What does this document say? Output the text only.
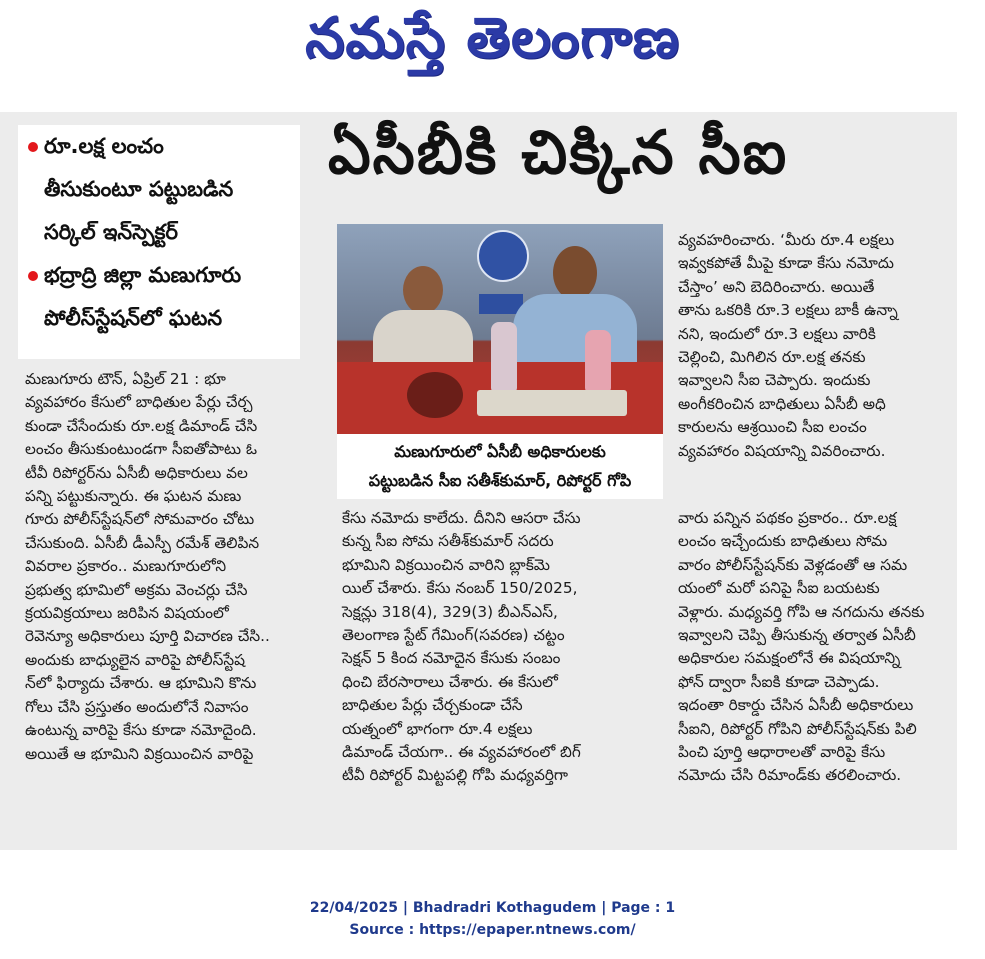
నమస్తే తెలంగాణ
రూ.లక్ష లంచం
తీసుకుంటూ పట్టుబడిన
సర్కిల్ ఇన్‌స్పెక్టర్
భద్రాద్రి జిల్లా మణుగూరు
పోలీస్‌స్టేషన్‌లో ఘటన
ఏసీబీకి చిక్కిన సీఐ
మణుగూరులో ఏసీబీ అధికారులకు
పట్టుబడిన సీఐ సతీశ్‌కుమార్, రిపోర్టర్ గోపి

మణుగూరు టౌన్, ఏప్రిల్ 21 : భూ

వ్యవహారం కేసులో బాధితుల పేర్లు చేర్చ

కుండా చేసేందుకు రూ.లక్ష డిమాండ్ చేసి

లంచం తీసుకుంటుండగా సీఐతోపాటు ఓ

టీవీ రిపోర్టర్‌ను ఏసీబీ అధికారులు వల

పన్ని పట్టుకున్నారు. ఈ ఘటన మణు

గూరు పోలీస్‌స్టేషన్‌లో సోమవారం చోటు

చేసుకుంది. ఏసీబీ డీఎస్పీ రమేశ్ తెలిపిన

వివరాల ప్రకారం.. మణుగూరులోని

ప్రభుత్వ భూమిలో అక్రమ వెంచర్లు చేసి

క్రయవిక్రయాలు జరిపిన విషయంలో

రెవెన్యూ అధికారులు పూర్తి విచారణ చేసి..

అందుకు బాధ్యులైన వారిపై పోలీస్‌స్టేష

న్‌లో ఫిర్యాదు చేశారు. ఆ భూమిని కొను

గోలు చేసి ప్రస్తుతం అందులోనే నివాసం

ఉంటున్న వారిపై కేసు కూడా నమోదైంది.

అయితే ఆ భూమిని విక్రయించిన వారిపై

కేసు నమోదు కాలేదు. దీనిని ఆసరా చేసు

కున్న సీఐ సోమ సతీశ్‌కుమార్ సదరు

భూమిని విక్రయించిన వారిని బ్లాక్‌మె

యిల్ చేశారు. కేసు నంబర్ 150/2025,

సెక్షన్లు 318(4), 329(3) బీఎన్ఎస్,

తెలంగాణ స్టేట్ గేమింగ్(సవరణ) చట్టం

సెక్షన్ 5 కింద నమోదైన కేసుకు సంబం

ధించి బేరసారాలు చేశారు. ఈ కేసులో

బాధితుల పేర్లు చేర్చకుండా చేసే

యత్నంలో భాగంగా రూ.4 లక్షలు

డిమాండ్ చేయగా.. ఈ వ్యవహారంలో బిగ్

టీవీ రిపోర్టర్ మిట్టపల్లి గోపి మధ్యవర్తిగా

వ్యవహరించారు. ‘మీరు రూ.4 లక్షలు

ఇవ్వకపోతే మీపై కూడా కేసు నమోదు

చేస్తాం’ అని బెదిరించారు. అయితే

తాను ఒకరికి రూ.3 లక్షలు బాకీ ఉన్నా

నని, ఇందులో రూ.3 లక్షలు వారికి

చెల్లించి, మిగిలిన రూ.లక్ష తనకు

ఇవ్వాలని సీఐ చెప్పారు. ఇందుకు

అంగీకరించిన బాధితులు ఏసీబీ అధి

కారులను ఆశ్రయించి సీఐ లంచం

వ్యవహారం విషయాన్ని వివరించారు.

వారు పన్నిన పథకం ప్రకారం.. రూ.లక్ష

లంచం ఇచ్చేందుకు బాధితులు సోమ

వారం పోలీస్‌స్టేషన్‌కు వెళ్లడంతో ఆ సమ

యంలో మరో పనిపై సీఐ బయటకు

వెళ్లారు. మధ్యవర్తి గోపి ఆ నగదును తనకు

ఇవ్వాలని చెప్పి తీసుకున్న తర్వాత ఏసీబీ

అధికారుల సమక్షంలోనే ఈ విషయాన్ని

ఫోన్ ద్వారా సీఐకి కూడా చెప్పాడు.

ఇదంతా రికార్డు చేసిన ఏసీబీ అధికారులు

సీఐని, రిపోర్టర్ గోపిని పోలీస్‌స్టేషన్‌కు పిలి

పించి పూర్తి ఆధారాలతో వారిపై కేసు

నమోదు చేసి రిమాండ్‌కు తరలించారు.

22/04/2025 | Bhadradri Kothagudem | Page : 1
Source : https://epaper.ntnews.com/
